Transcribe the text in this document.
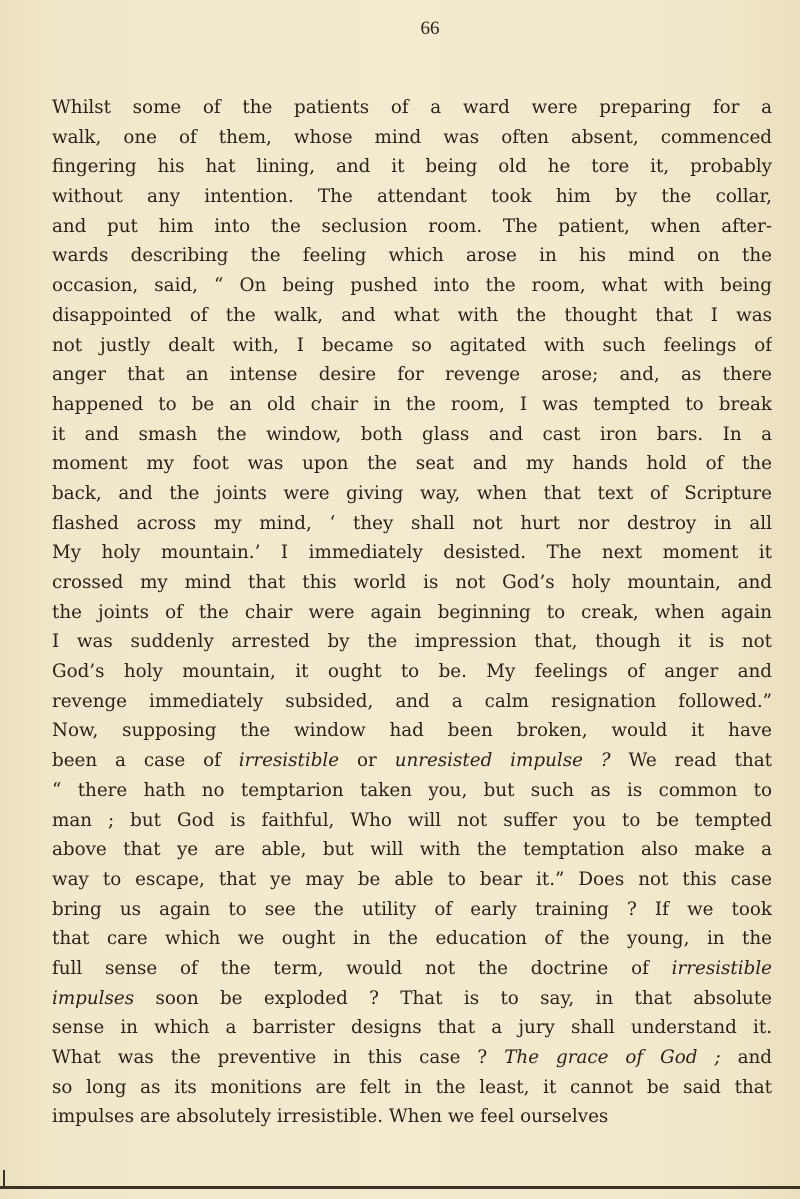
66
Whilst some of the patients of a ward were preparing for a
walk, one of them, whose mind was often absent, commenced
fingering his hat lining, and it being old he tore it, probably
without any intention. The attendant took him by the collar,
and put him into the seclusion room. The patient, when after-
wards describing the feeling which arose in his mind on the
occasion, said, “ On being pushed into the room, what with being
disappointed of the walk, and what with the thought that I was
not justly dealt with, I became so agitated with such feelings of
anger that an intense desire for revenge arose; and, as there
happened to be an old chair in the room, I was tempted to break
it and smash the window, both glass and cast iron bars. In a
moment my foot was upon the seat and my hands hold of the
back, and the joints were giving way, when that text of Scripture
flashed across my mind, ‘ they shall not hurt nor destroy in all
My holy mountain.’ I immediately desisted. The next moment it
crossed my mind that this world is not God’s holy mountain, and
the joints of the chair were again beginning to creak, when again
I was suddenly arrested by the impression that, though it is not
God’s holy mountain, it ought to be. My feelings of anger and
revenge immediately subsided, and a calm resignation followed.”
Now, supposing the window had been broken, would it have
been a case of irresistible or unresisted impulse ? We read that
“ there hath no temptarion taken you, but such as is common to
man ; but God is faithful, Who will not suffer you to be tempted
above that ye are able, but will with the temptation also make a
way to escape, that ye may be able to bear it.” Does not this case
bring us again to see the utility of early training ? If we took
that care which we ought in the education of the young, in the
full sense of the term, would not the doctrine of irresistible
impulses soon be exploded ? That is to say, in that absolute
sense in which a barrister designs that a jury shall understand it.
What was the preventive in this case ? The grace of God ; and
so long as its monitions are felt in the least, it cannot be said that
impulses are absolutely irresistible. When we feel ourselves
